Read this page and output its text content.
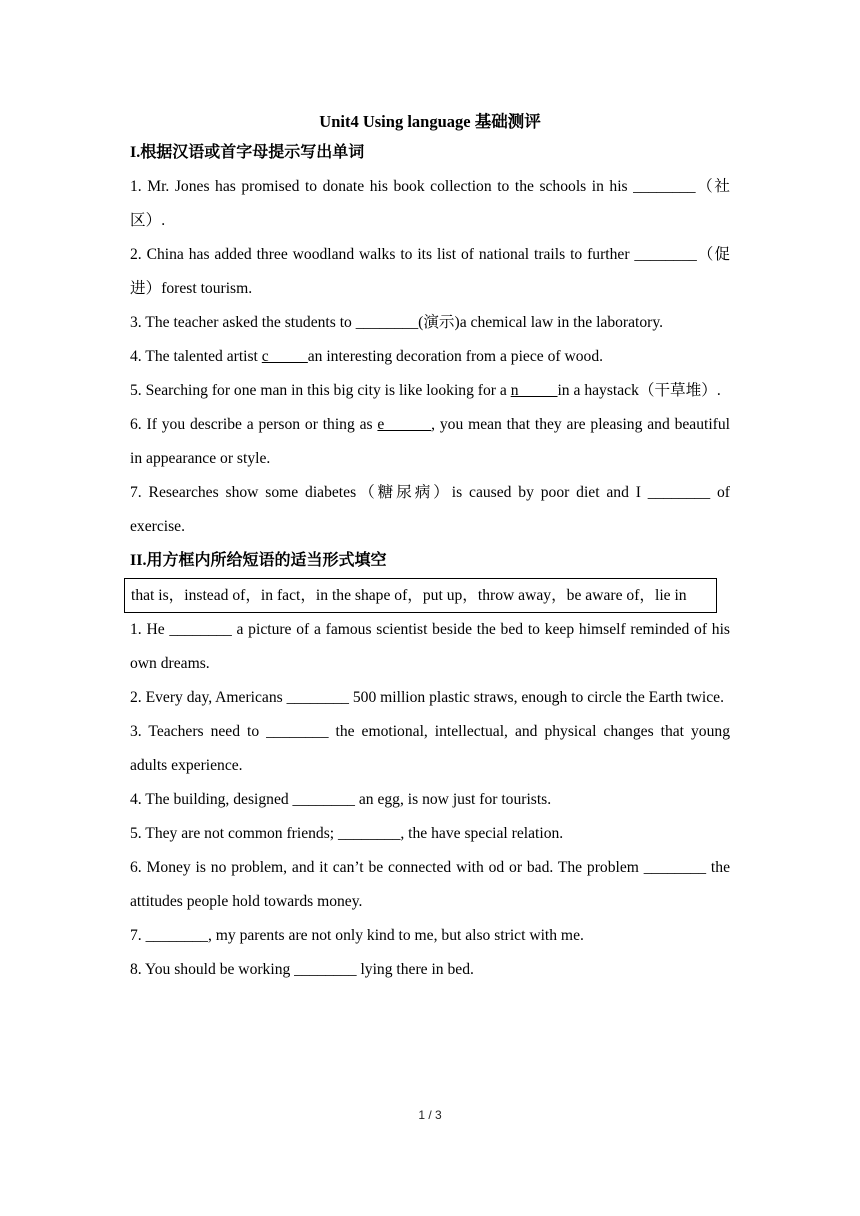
Unit4 Using language 基础测评

I.根据汉语或首字母提示写出单词

1. Mr. Jones has promised to donate his book collection to the schools in his ________（社区）.

2. China has added three woodland walks to its list of national trails to further ________（促进）forest tourism.

3. The teacher asked the students to ________(演示)a chemical law in the laboratory.

4. The talented artist c_____an interesting decoration from a piece of wood.

5. Searching for one man in this big city is like looking for a n_____in a haystack（干草堆）.

6. If you describe a person or thing as e______, you mean that they are pleasing and beautiful in appearance or style.

7. Researches show some diabetes（糖尿病）is caused by poor diet and I ________ of exercise.

II.用方框内所给短语的适当形式填空

that is，instead of，in fact，in the shape of，put up，throw away，be aware of，lie in

1. He ________ a picture of a famous scientist beside the bed to keep himself reminded of his own dreams.

2. Every day, Americans ________ 500 million plastic straws, enough to circle the Earth twice.

3. Teachers need to ________ the emotional, intellectual, and physical changes that young adults experience.

4. The building, designed ________ an egg, is now just for tourists.

5. They are not common friends; ________, the have special relation.

6. Money is no problem, and it can’t be connected with od or bad. The problem ________ the attitudes people hold towards money.

7. ________, my parents are not only kind to me, but also strict with me.

8. You should be working ________ lying there in bed.

1 / 3
